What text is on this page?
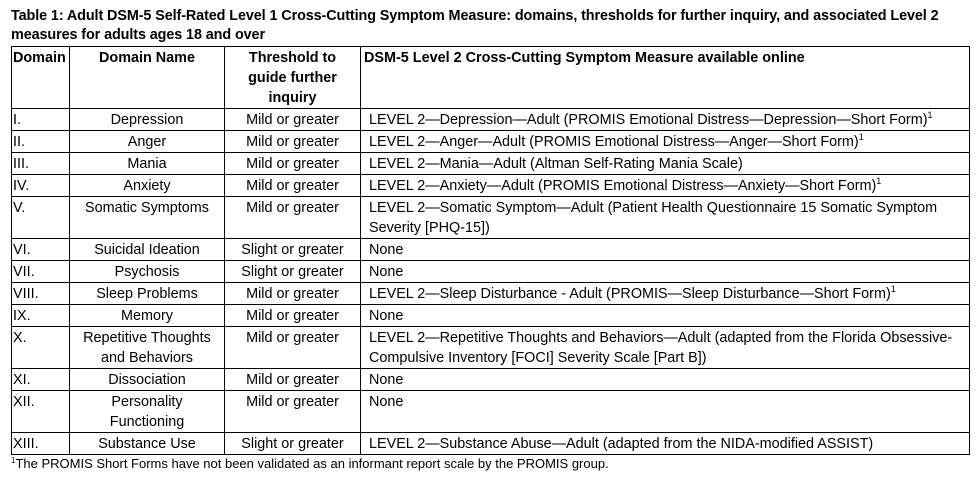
Table 1: Adult DSM-5 Self-Rated Level 1 Cross-Cutting Symptom Measure: domains, thresholds for further inquiry, and associated Level 2 measures for adults ages 18 and over
Domain	Domain Name	Threshold to guide further inquiry	DSM-5 Level 2 Cross-Cutting Symptom Measure available online
I.	Depression	Mild or greater	LEVEL 2—Depression—Adult (PROMIS Emotional Distress—Depression—Short Form)$^1$
II.	Anger	Mild or greater	LEVEL 2—Anger—Adult (PROMIS Emotional Distress—Anger—Short Form)$^1$
III.	Mania	Mild or greater	LEVEL 2—Mania—Adult (Altman Self-Rating Mania Scale)
IV.	Anxiety	Mild or greater	LEVEL 2—Anxiety—Adult (PROMIS Emotional Distress—Anxiety—Short Form)$^1$
V.	Somatic Symptoms	Mild or greater	LEVEL 2—Somatic Symptom—Adult (Patient Health Questionnaire 15 Somatic Symptom Severity [PHQ-15])
VI.	Suicidal Ideation	Slight or greater	None
VII.	Psychosis	Slight or greater	None
VIII.	Sleep Problems	Mild or greater	LEVEL 2—Sleep Disturbance - Adult (PROMIS—Sleep Disturbance—Short Form)$^1$
IX.	Memory	Mild or greater	None
X.	Repetitive Thoughts and Behaviors	Mild or greater	LEVEL 2—Repetitive Thoughts and Behaviors—Adult (adapted from the Florida Obsessive-Compulsive Inventory [FOCI] Severity Scale [Part B])
XI.	Dissociation	Mild or greater	None
XII.	Personality Functioning	Mild or greater	None
XIII.	Substance Use	Slight or greater	LEVEL 2—Substance Abuse—Adult (adapted from the NIDA-modified ASSIST)
$^1$The PROMIS Short Forms have not been validated as an informant report scale by the PROMIS group.
